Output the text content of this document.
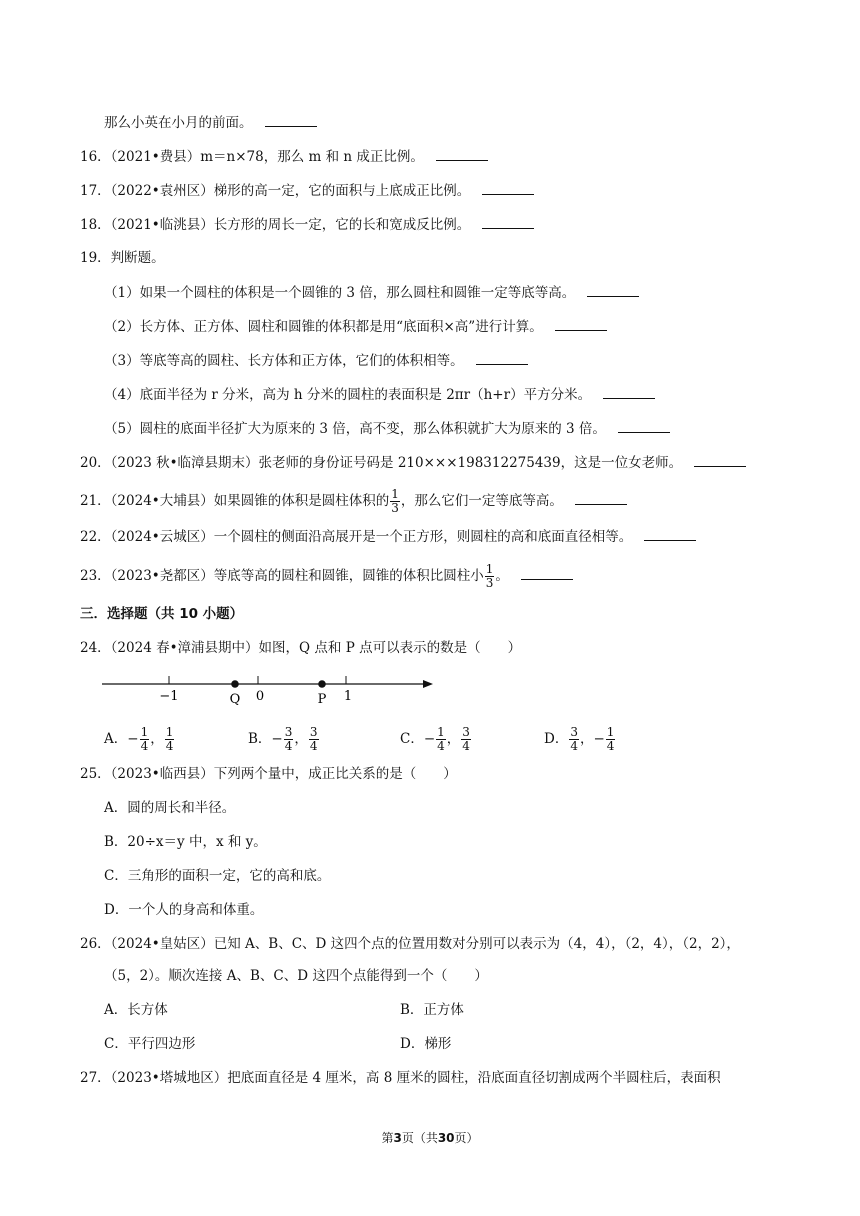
那么小英在小月的前面。
16．（2021•费县）m＝n×78，那么 m 和 n 成正比例。
17．（2022•袁州区）梯形的高一定，它的面积与上底成正比例。
18．（2021•临洮县）长方形的周长一定，它的长和宽成反比例。
19．判断题。
（1）如果一个圆柱的体积是一个圆锥的 3 倍，那么圆柱和圆锥一定等底等高。
（2）长方体、正方体、圆柱和圆锥的体积都是用“底面积×高”进行计算。
（3）等底等高的圆柱、长方体和正方体，它们的体积相等。
（4）底面半径为 r 分米，高为 h 分米的圆柱的表面积是 2πr（h+r）平方分米。
（5）圆柱的底面半径扩大为原来的 3 倍，高不变，那么体积就扩大为原来的 3 倍。
20．（2023 秋•临漳县期末）张老师的身份证号码是 210×××198312275439，这是一位女老师。
21．（2024•大埔县）如果圆锥的体积是圆柱体积的 $\frac{1}{3}$ ，那么它们一定等底等高。
22．（2024•云城区）一个圆柱的侧面沿高展开是一个正方形，则圆柱的高和底面直径相等。
23．（2023•尧都区）等底等高的圆柱和圆锥，圆锥的体积比圆柱小 $\frac{1}{3}$ 。
三．选择题（共 10 小题）
24．（2024 春•漳浦县期中）如图，Q 点和 P 点可以表示的数是（　　）
−1	0	1
Q	P
A．− $\frac{1}{4}$ ， $\frac{1}{4}$	B．− $\frac{3}{4}$ ， $\frac{3}{4}$	C．− $\frac{1}{4}$ ， $\frac{3}{4}$	D． $\frac{3}{4}$ ，− $\frac{1}{4}$
25．（2023•临西县）下列两个量中，成正比关系的是（　　）
A．圆的周长和半径。
B．20÷x＝y 中，x 和 y。
C．三角形的面积一定，它的高和底。
D．一个人的身高和体重。
26．（2024•皇姑区）已知 A、B、C、D 这四个点的位置用数对分别可以表示为（4，4），（2，4），（2，2），
（5，2）。顺次连接 A、B、C、D 这四个点能得到一个（　　）
A．长方体	B．正方体
C．平行四边形	D．梯形
27．（2023•塔城地区）把底面直径是 4 厘米，高 8 厘米的圆柱，沿底面直径切割成两个半圆柱后，表面积
第3页（共30页）
